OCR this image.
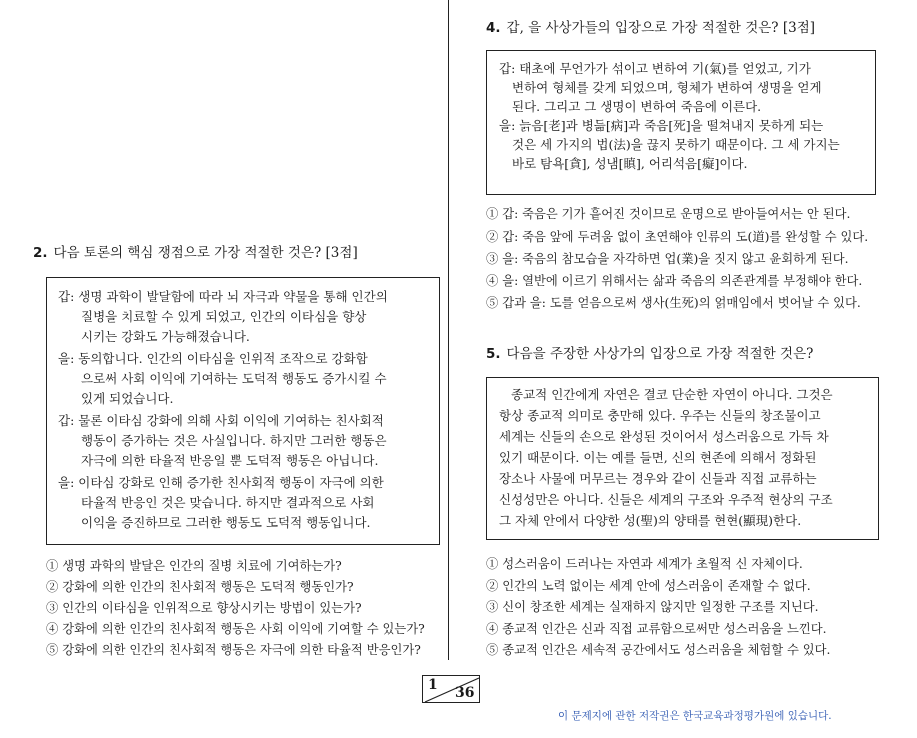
4. 갑, 을 사상가들의 입장으로 가장 적절한 것은? [3점]
갑: 태초에 무언가가 섞이고 변하여 기(氣)를 얻었고, 기가
변하여 형체를 갖게 되었으며, 형체가 변하여 생명을 얻게
된다. 그리고 그 생명이 변하여 죽음에 이른다.
을: 늙음[老]과 병듦[病]과 죽음[死]을 떨쳐내지 못하게 되는
것은 세 가지의 법(法)을 끊지 못하기 때문이다. 그 세 가지는
바로 탐욕[貪], 성냄[瞋], 어리석음[癡]이다.
① 갑: 죽음은 기가 흩어진 것이므로 운명으로 받아들여서는 안 된다.
② 갑: 죽음 앞에 두려움 없이 초연해야 인류의 도(道)를 완성할 수 있다.
③ 을: 죽음의 참모습을 자각하면 업(業)을 짓지 않고 윤회하게 된다.
④ 을: 열반에 이르기 위해서는 삶과 죽음의 의존관계를 부정해야 한다.
⑤ 갑과 을: 도를 얻음으로써 생사(生死)의 얽매임에서 벗어날 수 있다.
2. 다음 토론의 핵심 쟁점으로 가장 적절한 것은? [3점]
갑: 생명 과학이 발달함에 따라 뇌 자극과 약물을 통해 인간의
질병을 치료할 수 있게 되었고, 인간의 이타심을 향상
시키는 강화도 가능해졌습니다.
을: 동의합니다. 인간의 이타심을 인위적 조작으로 강화함
으로써 사회 이익에 기여하는 도덕적 행동도 증가시킬 수
있게 되었습니다.
갑: 물론 이타심 강화에 의해 사회 이익에 기여하는 친사회적
행동이 증가하는 것은 사실입니다. 하지만 그러한 행동은
자극에 의한 타율적 반응일 뿐 도덕적 행동은 아닙니다.
을: 이타심 강화로 인해 증가한 친사회적 행동이 자극에 의한
타율적 반응인 것은 맞습니다. 하지만 결과적으로 사회
이익을 증진하므로 그러한 행동도 도덕적 행동입니다.
① 생명 과학의 발달은 인간의 질병 치료에 기여하는가?
② 강화에 의한 인간의 친사회적 행동은 도덕적 행동인가?
③ 인간의 이타심을 인위적으로 향상시키는 방법이 있는가?
④ 강화에 의한 인간의 친사회적 행동은 사회 이익에 기여할 수 있는가?
⑤ 강화에 의한 인간의 친사회적 행동은 자극에 의한 타율적 반응인가?
5. 다음을 주장한 사상가의 입장으로 가장 적절한 것은?
종교적 인간에게 자연은 결코 단순한 자연이 아니다. 그것은
항상 종교적 의미로 충만해 있다. 우주는 신들의 창조물이고
세계는 신들의 손으로 완성된 것이어서 성스러움으로 가득 차
있기 때문이다. 이는 예를 들면, 신의 현존에 의해서 정화된
장소나 사물에 머무르는 경우와 같이 신들과 직접 교류하는
신성성만은 아니다. 신들은 세계의 구조와 우주적 현상의 구조
그 자체 안에서 다양한 성(聖)의 양태를 현현(顯現)한다.
① 성스러움이 드러나는 자연과 세계가 초월적 신 자체이다.
② 인간의 노력 없이는 세계 안에 성스러움이 존재할 수 없다.
③ 신이 창조한 세계는 실재하지 않지만 일정한 구조를 지닌다.
④ 종교적 인간은 신과 직접 교류함으로써만 성스러움을 느낀다.
⑤ 종교적 인간은 세속적 공간에서도 성스러움을 체험할 수 있다.
1 36
이 문제지에 관한 저작권은 한국교육과정평가원에 있습니다.
